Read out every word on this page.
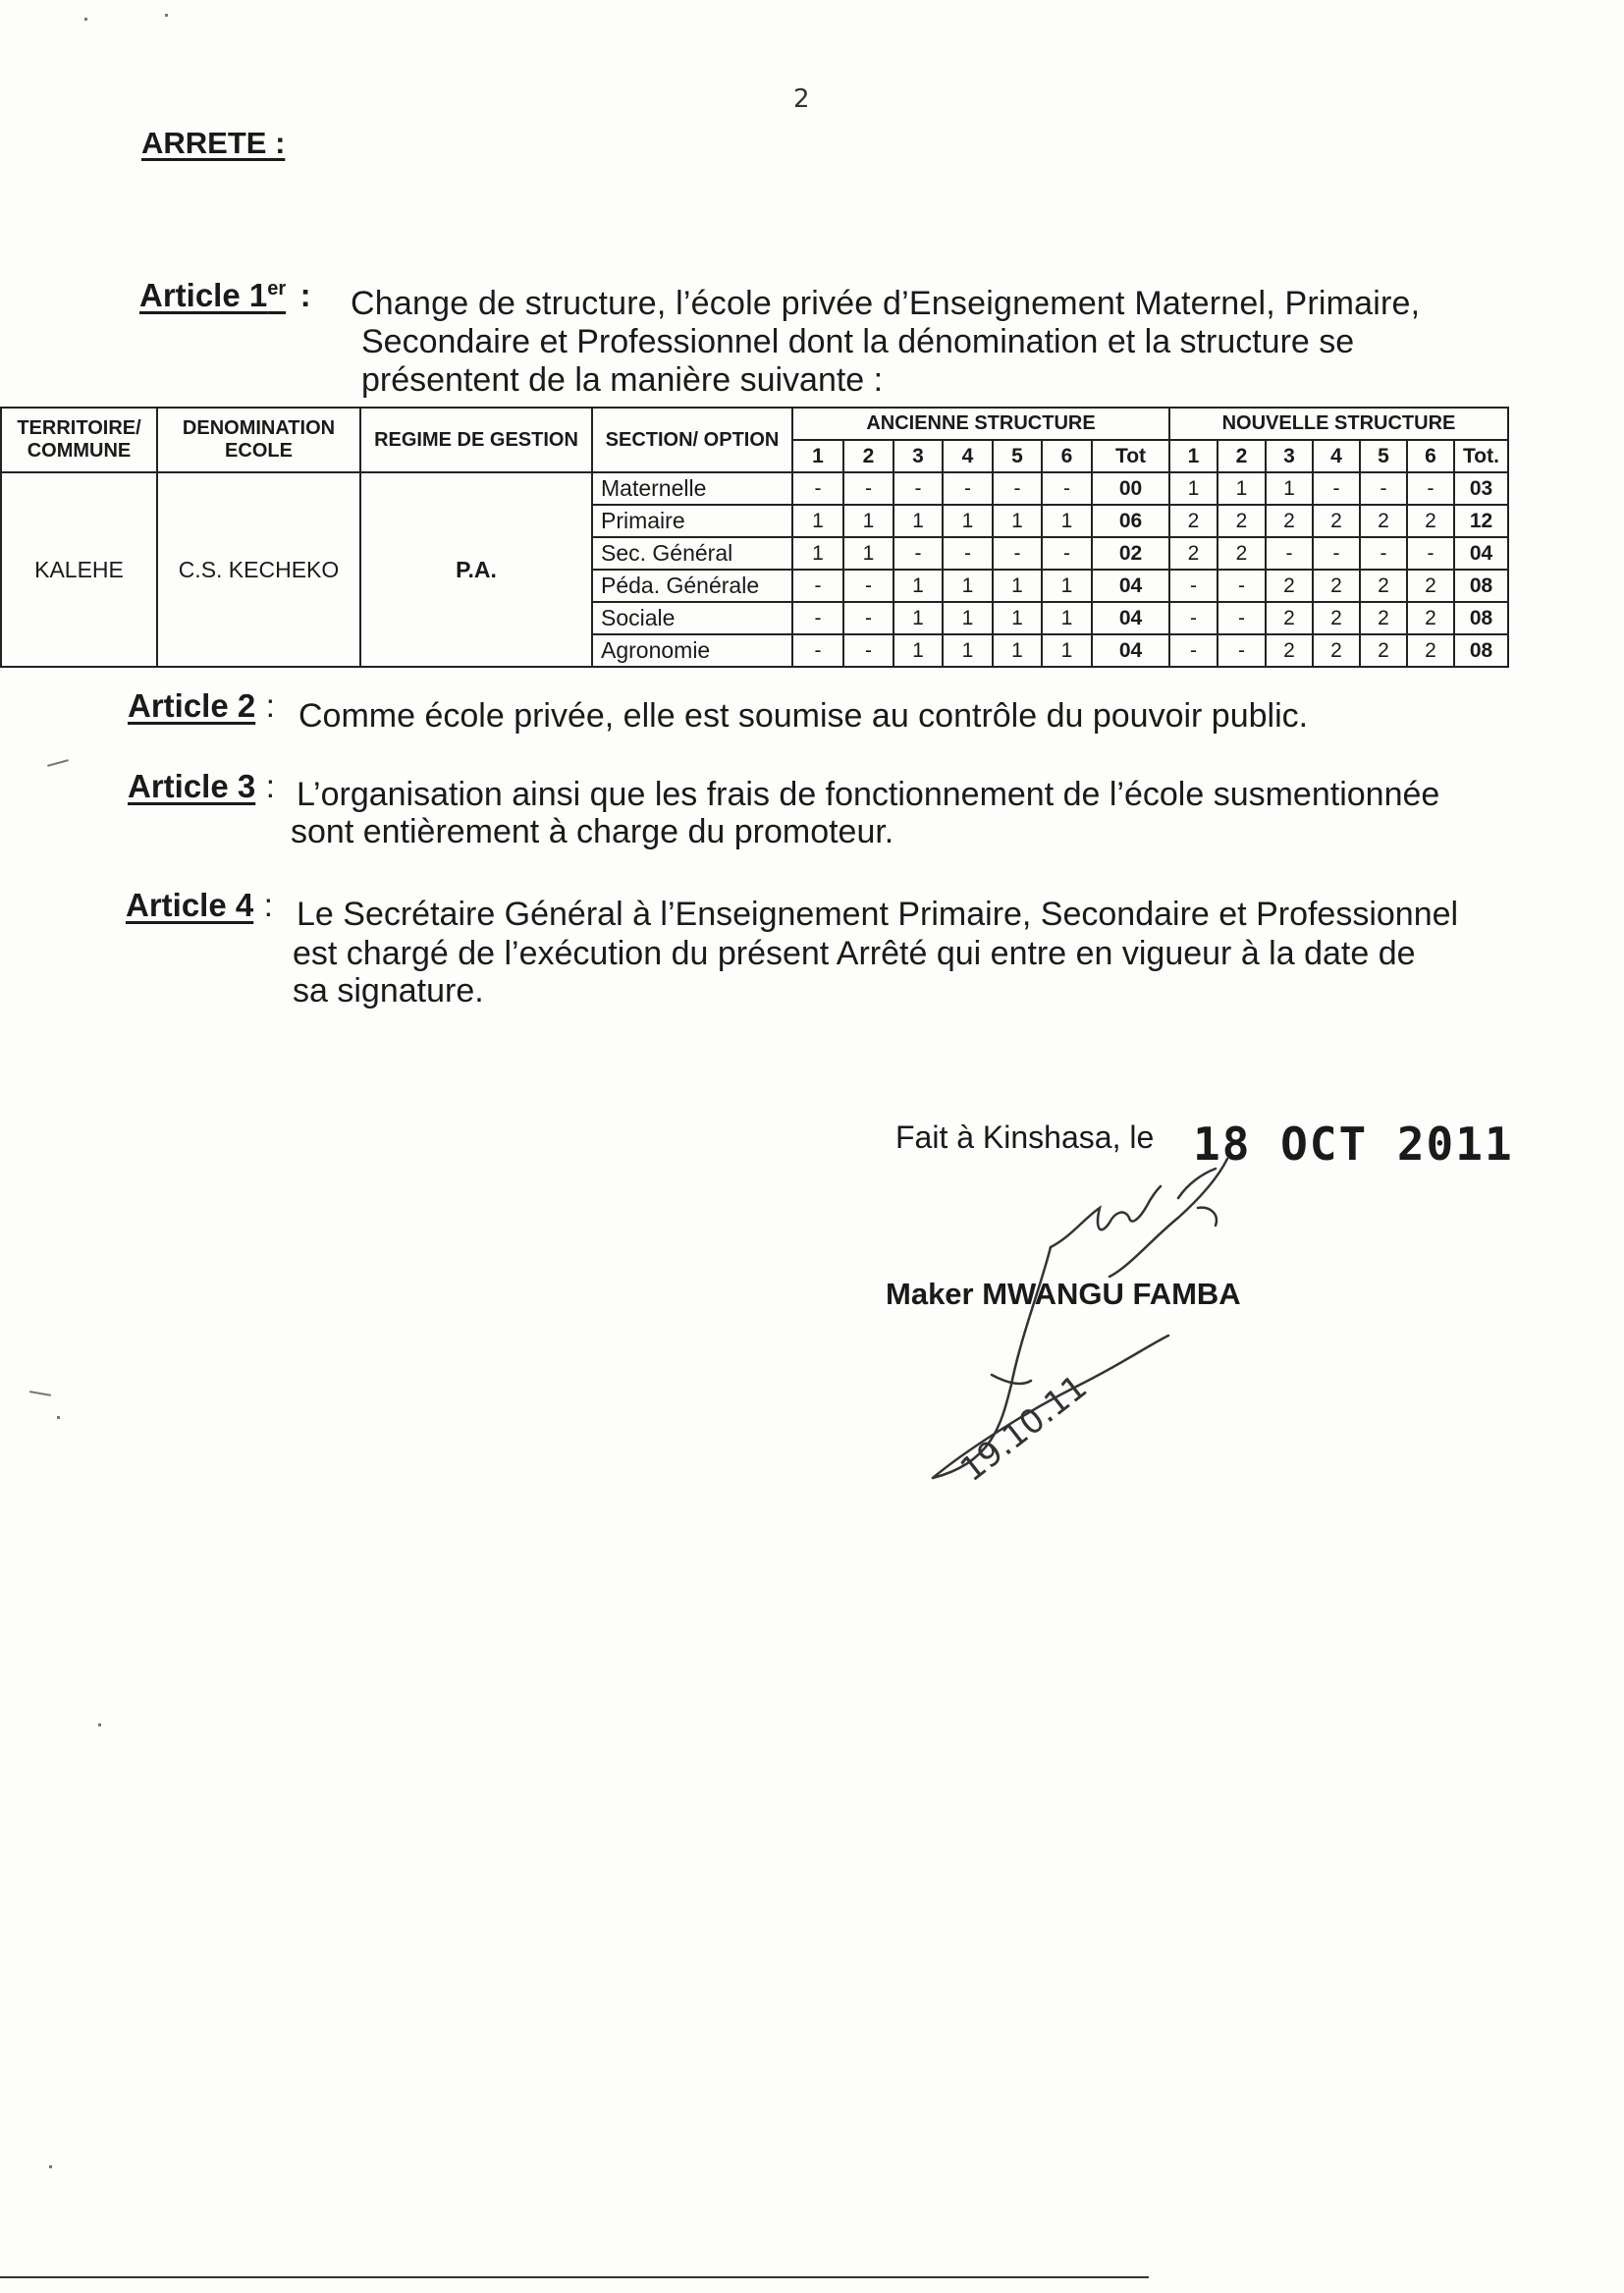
2
ARRETE :
Article 1er : Change de structure, l’école privée d’Enseignement Maternel, Primaire,
Secondaire et Professionnel dont la dénomination et la structure se
présentent de la manière suivante :
TERRITOIRE/ COMMUNE	DENOMINATION ECOLE	REGIME DE GESTION	SECTION/ OPTION	ANCIENNE STRUCTURE							NOUVELLE STRUCTURE						
				1	2	3	4	5	6	Tot	1	2	3	4	5	6	Tot.
KALEHE	C.S. KECHEKO	P.A.	Maternelle	-	-	-	-	-	-	00	1	1	1	-	-	-	03
			Primaire	1	1	1	1	1	1	06	2	2	2	2	2	2	12
			Sec. Général	1	1	-	-	-	-	02	2	2	-	-	-	-	04
			Péda. Générale	-	-	1	1	1	1	04	-	-	2	2	2	2	08
			Sociale	-	-	1	1	1	1	04	-	-	2	2	2	2	08
			Agronomie	-	-	1	1	1	1	04	-	-	2	2	2	2	08
Article 2 : Comme école privée, elle est soumise au contrôle du pouvoir public.
Article 3 : L’organisation ainsi que les frais de fonctionnement de l’école susmentionnée
sont entièrement à charge du promoteur.
Article 4 : Le Secrétaire Général à l’Enseignement Primaire, Secondaire et Professionnel
est chargé de l’exécution du présent Arrêté qui entre en vigueur à la date de
sa signature.
Fait à Kinshasa, le 18 OCT 2011
Maker MWANGU FAMBA
19.10.11
